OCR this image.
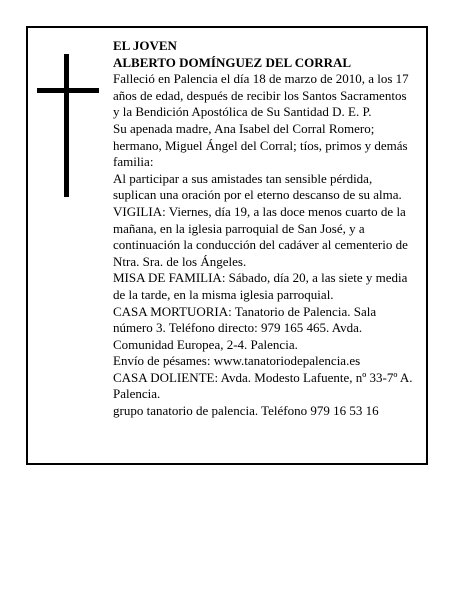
EL JOVEN

ALBERTO DOMÍNGUEZ DEL CORRAL

Falleció en Palencia el día 18 de marzo de 2010, a los 17 años de edad, después de recibir los Santos Sacramentos y la Bendición Apostólica de Su Santidad D. E. P.

Su apenada madre, Ana Isabel del Corral Romero; hermano, Miguel Ángel del Corral; tíos, primos y demás familia:

Al participar a sus amistades tan sensible pérdida, suplican una oración por el eterno descanso de su alma.

VIGILIA: Viernes, día 19, a las doce menos cuarto de la mañana, en la iglesia parroquial de San José, y a continuación la conducción del cadáver al cementerio de Ntra. Sra. de los Ángeles.

MISA DE FAMILIA: Sábado, día 20, a las siete y media de la tarde, en la misma iglesia parroquial.

CASA MORTUORIA: Tanatorio de Palencia. Sala número 3. Teléfono directo: 979 165 465. Avda. Comunidad Europea, 2-4. Palencia.

Envío de pésames: www.tanatoriodepalencia.es

CASA DOLIENTE: Avda. Modesto Lafuente, nº 33-7º A. Palencia.

grupo tanatorio de palencia. Teléfono 979 16 53 16
